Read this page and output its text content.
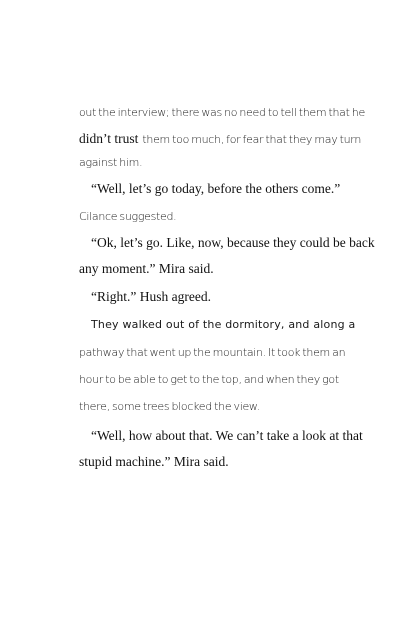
out the interview; there was no need to tell them that he
didn’t trust them too much, for fear that they may turn
against him.
“Well, let’s go today, before the others come.”
Cilance suggested.
“Ok, let’s go. Like, now, because they could be back
any moment.” Mira said.
“Right.” Hush agreed.
They walked out of the dormitory, and along a
pathway that went up the mountain. It took them an
hour to be able to get to the top, and when they got
there, some trees blocked the view.
“Well, how about that. We can’t take a look at that
stupid machine.” Mira said.
